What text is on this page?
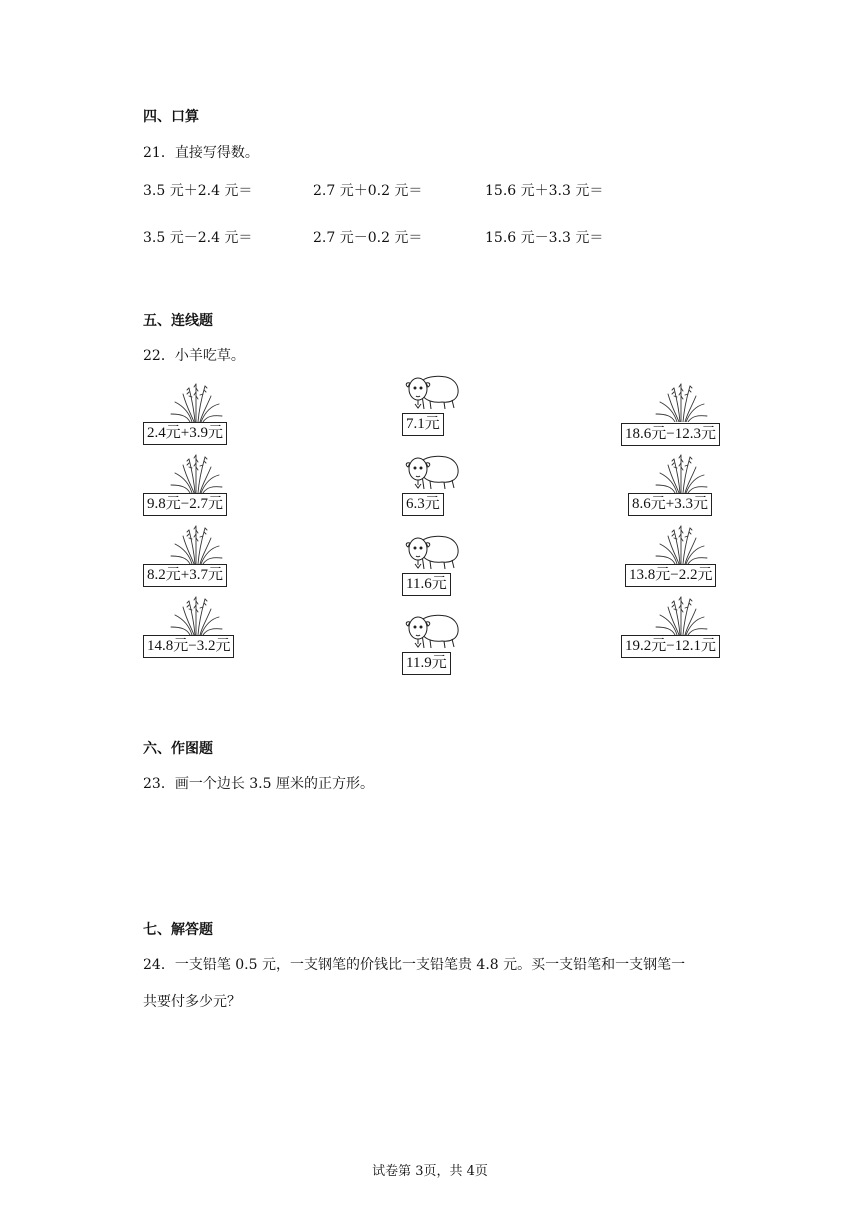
四、口算
21．直接写得数。
3.5 元＋2.4 元＝	2.7 元＋0.2 元＝	15.6 元＋3.3 元＝
3.5 元－2.4 元＝	2.7 元－0.2 元＝	15.6 元－3.3 元＝
五、连线题
22．小羊吃草。
2.4元+3.9元
9.8元−2.7元
8.2元+3.7元
14.8元−3.2元
7.1元
6.3元
11.6元
11.9元
18.6元−12.3元
8.6元+3.3元
13.8元−2.2元
19.2元−12.1元
六、作图题
23．画一个边长 3.5 厘米的正方形。
七、解答题
24．一支铅笔 0.5 元，一支钢笔的价钱比一支铅笔贵 4.8 元。买一支铅笔和一支钢笔一
共要付多少元？
试卷第 3页，共 4页
